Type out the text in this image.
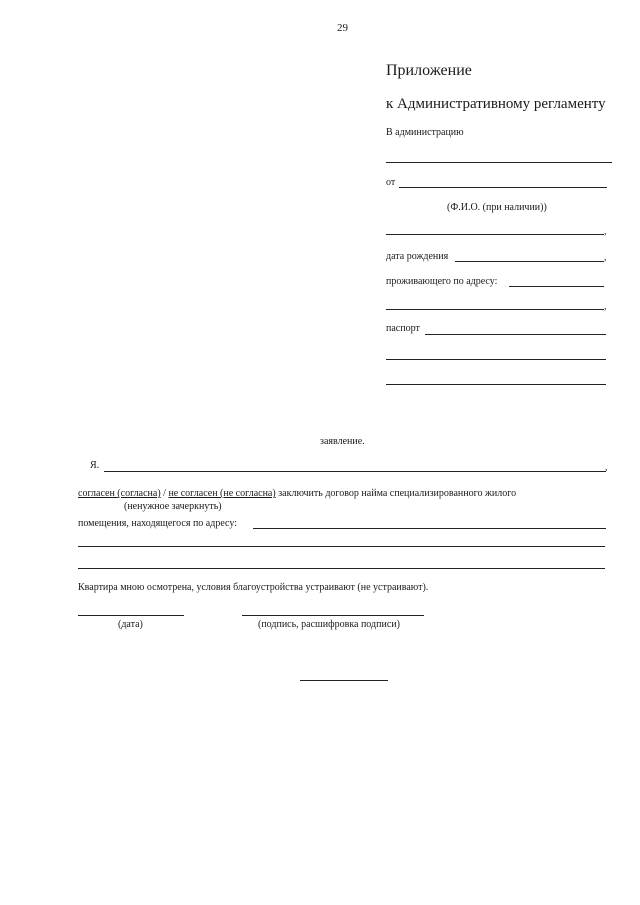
29
Приложение
к Административному регламенту
В администрацию
от
(Ф.И.О. (при наличии))
,
дата рождения	,
проживающего по адресу:
,
паспорт
заявление.
Я.	,
согласен (согласна) / не согласен (не согласна) заключить договор найма специализированного жилого
(ненужное зачеркнуть)
помещения, находящегося по адресу:
Квартира мною осмотрена, условия благоустройства устраивают (не устраивают).
(дата)	(подпись, расшифровка подписи)
